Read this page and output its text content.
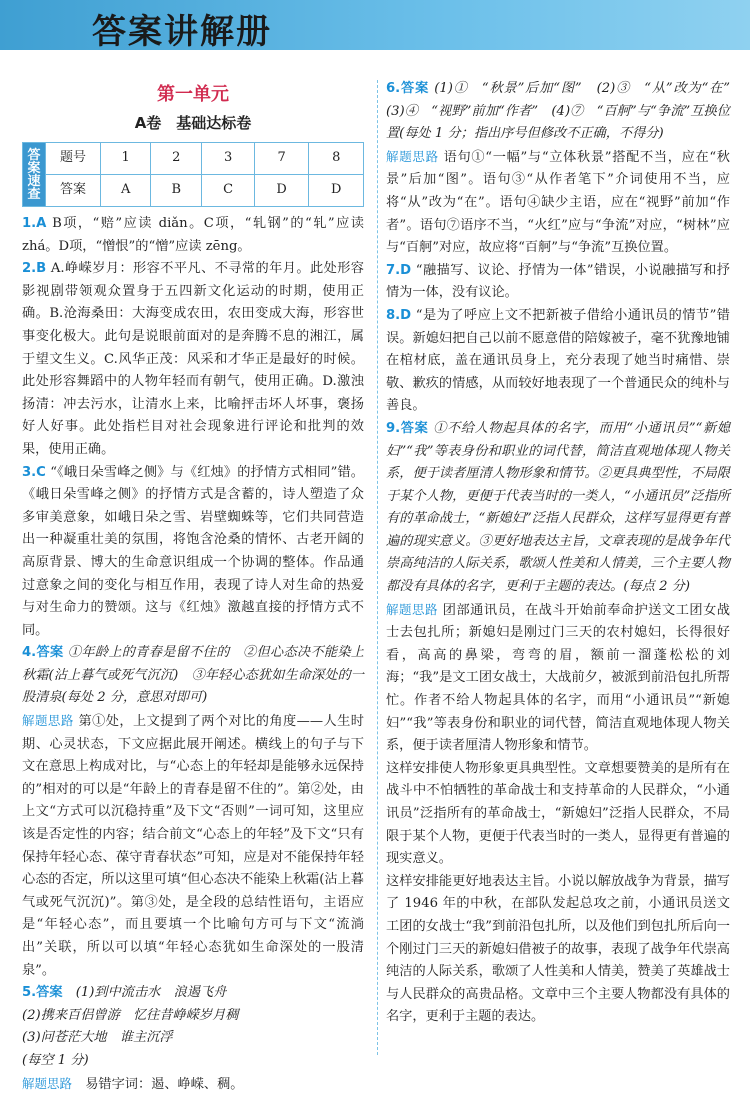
答案讲解册

第一单元

A卷　基础达标卷

答
案
速
查	题号	1	2	3	7	8
	答案	A	B	C	D	D

1.A B项，“赔”应读 diǎn。C项，“轧钢”的“轧”应读 zhá。D项，“憎恨”的“憎”应读 zēng。

2.B A.峥嵘岁月：形容不平凡、不寻常的年月。此处形容影视剧带领观众置身于五四新文化运动的时期，使用正确。B.沧海桑田：大海变成农田，农田变成大海，形容世事变化极大。此句是说眼前面对的是奔腾不息的湘江，属于望文生义。C.风华正茂：风采和才华正是最好的时候。此处形容舞蹈中的人物年轻而有朝气，使用正确。D.激浊扬清：冲去污水，让清水上来，比喻抨击坏人坏事，褒扬好人好事。此处指栏目对社会现象进行评论和批判的效果，使用正确。

3.C “《峨日朵雪峰之侧》与《红烛》的抒情方式相同”错。《峨日朵雪峰之侧》的抒情方式是含蓄的，诗人塑造了众多审美意象，如峨日朵之雪、岩壁蜘蛛等，它们共同营造出一种凝重壮美的氛围，将饱含沧桑的情怀、古老开阔的高原背景、博大的生命意识组成一个协调的整体。作品通过意象之间的变化与相互作用，表现了诗人对生命的热爱与对生命力的赞颂。这与《红烛》激越直接的抒情方式不同。

4.答案 ①年龄上的青春是留不住的　②但心态决不能染上秋霜(沾上暮气或死气沉沉)　③年轻心态犹如生命深处的一股清泉(每处 2 分，意思对即可)

解题思路 第①处，上文提到了两个对比的角度——人生时期、心灵状态，下文应据此展开阐述。横线上的句子与下文在意思上构成对比，与“心态上的年轻却是能够永远保持的”相对的可以是“年龄上的青春是留不住的”。第②处，由上文“方式可以沉稳持重”及下文“否则”一词可知，这里应该是否定性的内容；结合前文“心态上的年轻”及下文“只有保持年轻心态、葆守青春状态”可知，应是对不能保持年轻心态的否定，所以这里可填“但心态决不能染上秋霜(沾上暮气或死气沉沉)”。第③处，是全段的总结性语句，主语应是“年轻心态”，而且要填一个比喻句方可与下文“流淌出”关联，所以可以填“年轻心态犹如生命深处的一股清泉”。

5.答案　(1)到中流击水　浪遏飞舟

(2)携来百侣曾游　忆往昔峥嵘岁月稠

(3)问苍茫大地　谁主沉浮

(每空 1 分)

解题思路　易错字词：遏、峥嵘、稠。

6.答案 (1)①　“秋景”后加“图”　(2)③　“从”改为“在”　(3)④　“视野”前加“作者”　(4)⑦　“百舸”与“争流”互换位置(每处 1 分；指出序号但修改不正确，不得分)

解题思路 语句①“一幅”与“立体秋景”搭配不当，应在“秋景”后加“图”。语句③“从作者笔下”介词使用不当，应将“从”改为“在”。语句④缺少主语，应在“视野”前加“作者”。语句⑦语序不当，“火红”应与“争流”对应，“树林”应与“百舸”对应，故应将“百舸”与“争流”互换位置。

7.D “融描写、议论、抒情为一体”错误，小说融描写和抒情为一体，没有议论。

8.D “是为了呼应上文不把新被子借给小通讯员的情节”错误。新媳妇把自己以前不愿意借的陪嫁被子，毫不犹豫地铺在棺材底，盖在通讯员身上，充分表现了她当时痛惜、崇敬、歉疚的情感，从而较好地表现了一个普通民众的纯朴与善良。

9.答案 ①不给人物起具体的名字，而用“小通讯员”“新媳妇”“我”等表身份和职业的词代替，简洁直观地体现人物关系，便于读者厘清人物形象和情节。②更具典型性，不局限于某个人物，更便于代表当时的一类人，“小通讯员”泛指所有的革命战士，“新媳妇”泛指人民群众，这样写显得更有普遍的现实意义。③更好地表达主旨，文章表现的是战争年代崇高纯洁的人际关系，歌颂人性美和人情美，三个主要人物都没有具体的名字，更利于主题的表达。(每点 2 分)

解题思路 团部通讯员，在战斗开始前奉命护送文工团女战士去包扎所；新媳妇是刚过门三天的农村媳妇，长得很好看，高高的鼻梁，弯弯的眉，额前一溜蓬松松的刘海；“我”是文工团女战士，大战前夕，被派到前沿包扎所帮忙。作者不给人物起具体的名字，而用“小通讯员”“新媳妇”“我”等表身份和职业的词代替，简洁直观地体现人物关系，便于读者厘清人物形象和情节。

这样安排使人物形象更具典型性。文章想要赞美的是所有在战斗中不怕牺牲的革命战士和支持革命的人民群众，“小通讯员”泛指所有的革命战士，“新媳妇”泛指人民群众，不局限于某个人物，更便于代表当时的一类人，显得更有普遍的现实意义。

这样安排能更好地表达主旨。小说以解放战争为背景，描写了 1946 年的中秋，在部队发起总攻之前，小通讯员送文工团的女战士“我”到前沿包扎所，以及他们到包扎所后向一个刚过门三天的新媳妇借被子的故事，表现了战争年代崇高纯洁的人际关系，歌颂了人性美和人情美，赞美了英雄战士与人民群众的高贵品格。文章中三个主要人物都没有具体的名字，更利于主题的表达。
